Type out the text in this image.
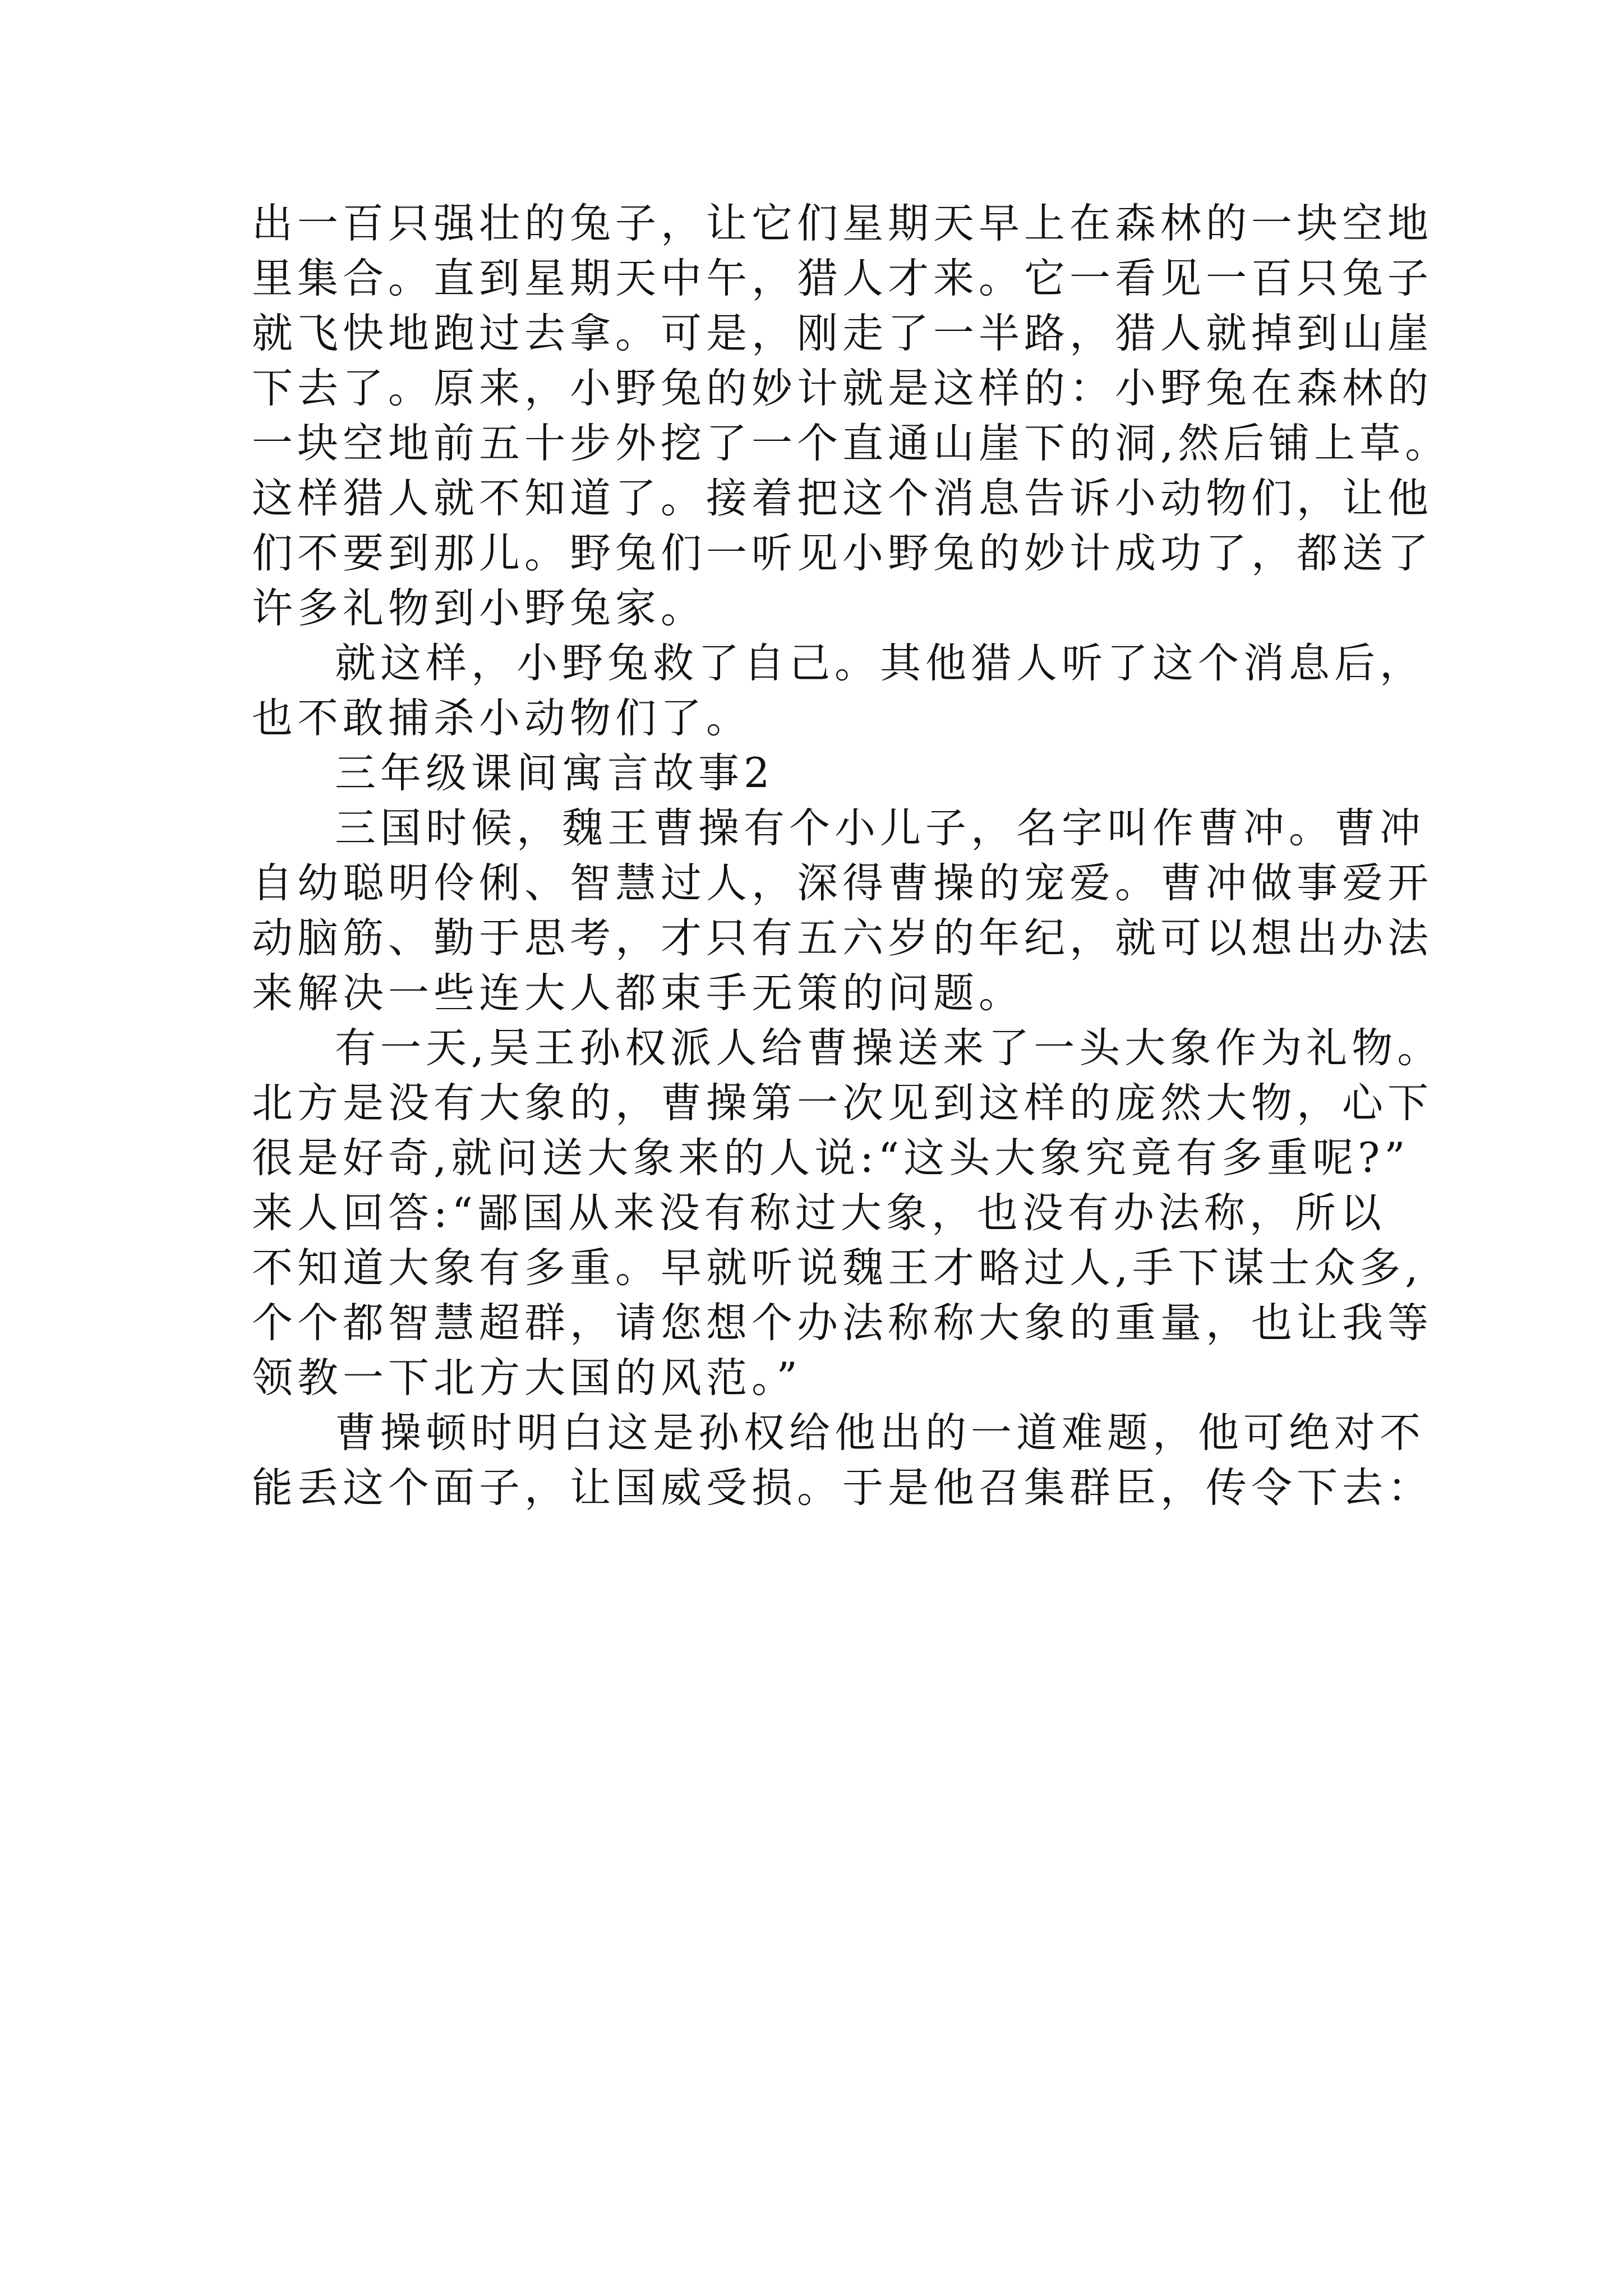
出一百只强壮的兔子，让它们星期天早上在森林的一块空地
里集合。直到星期天中午，猎人才来。它一看见一百只兔子
就飞快地跑过去拿。可是，刚走了一半路，猎人就掉到山崖
下去了。原来，小野兔的妙计就是这样的：小野兔在森林的
一块空地前五十步外挖了一个直通山崖下的洞,然后铺上草。
这样猎人就不知道了。接着把这个消息告诉小动物们，让他
们不要到那儿。野兔们一听见小野兔的妙计成功了，都送了
许多礼物到小野兔家。
就这样，小野兔救了自己。其他猎人听了这个消息后，
也不敢捕杀小动物们了。
三年级课间寓言故事2
三国时候，魏王曹操有个小儿子，名字叫作曹冲。曹冲
自幼聪明伶俐、智慧过人，深得曹操的宠爱。曹冲做事爱开
动脑筋、勤于思考，才只有五六岁的年纪，就可以想出办法
来解决一些连大人都束手无策的问题。
有一天,吴王孙权派人给曹操送来了一头大象作为礼物。
北方是没有大象的，曹操第一次见到这样的庞然大物，心下
很是好奇,就问送大象来的人说:“这头大象究竟有多重呢?”
来人回答:“鄙国从来没有称过大象，也没有办法称，所以
不知道大象有多重。早就听说魏王才略过人,手下谋士众多,
个个都智慧超群，请您想个办法称称大象的重量，也让我等
领教一下北方大国的风范。”
曹操顿时明白这是孙权给他出的一道难题，他可绝对不
能丢这个面子，让国威受损。于是他召集群臣，传令下去：
